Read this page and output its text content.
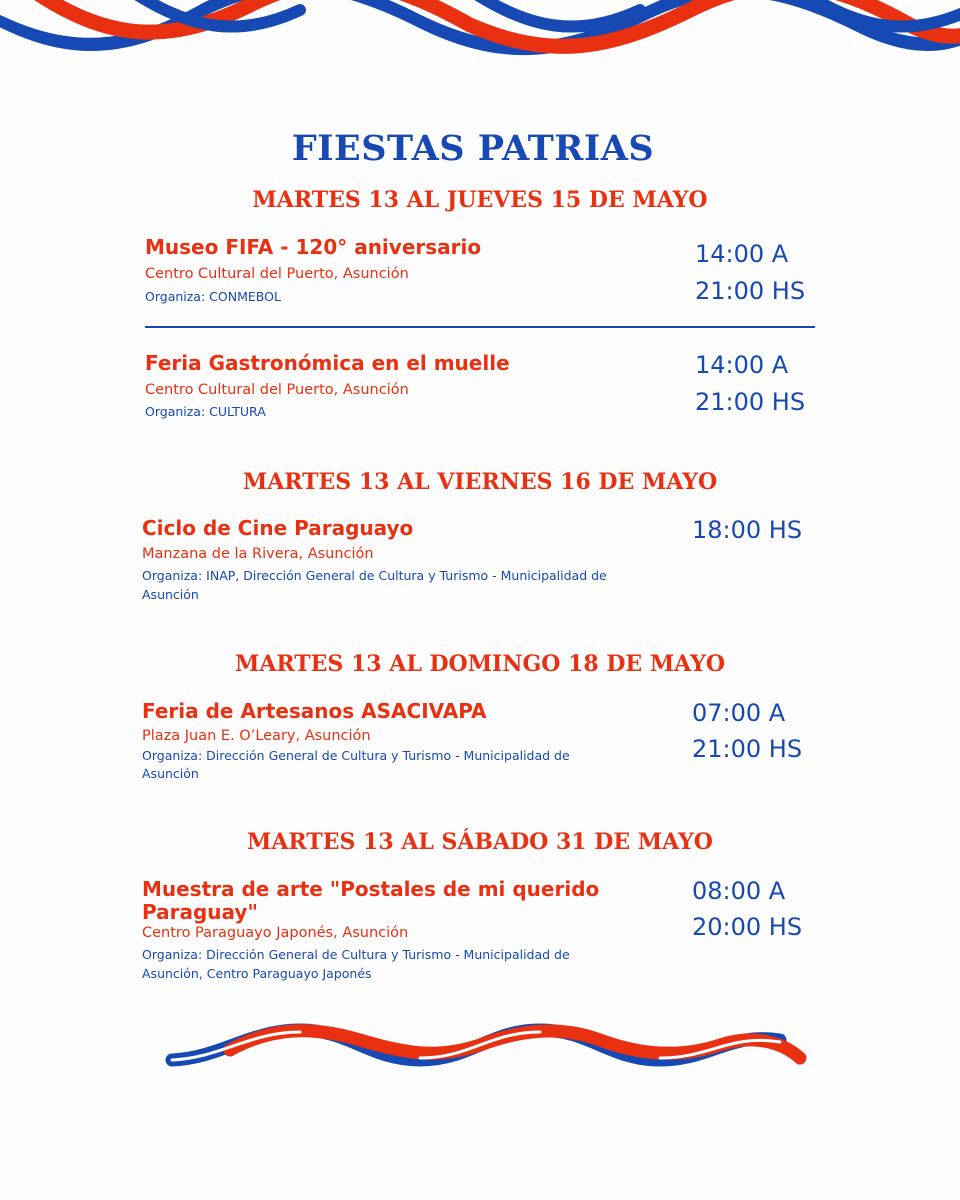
FIESTAS PATRIAS
MARTES 13 AL JUEVES 15 DE MAYO
Museo FIFA - 120° aniversario
Centro Cultural del Puerto, Asunción
Organiza: CONMEBOL
14:00 A
21:00 HS
Feria Gastronómica en el muelle
Centro Cultural del Puerto, Asunción
Organiza: CULTURA
14:00 A
21:00 HS
MARTES 13 AL VIERNES 16 DE MAYO
Ciclo de Cine Paraguayo
Manzana de la Rivera, Asunción
Organiza: INAP, Dirección General de Cultura y Turismo - Municipalidad de
Asunción
18:00 HS
MARTES 13 AL DOMINGO 18 DE MAYO
Feria de Artesanos ASACIVAPA
Plaza Juan E. O’Leary, Asunción
Organiza: Dirección General de Cultura y Turismo - Municipalidad de
Asunción
07:00 A
21:00 HS
MARTES 13 AL SÁBADO 31 DE MAYO
Muestra de arte "Postales de mi querido
Paraguay"
Centro Paraguayo Japonés, Asunción
Organiza: Dirección General de Cultura y Turismo - Municipalidad de
Asunción, Centro Paraguayo Japonés
08:00 A
20:00 HS
